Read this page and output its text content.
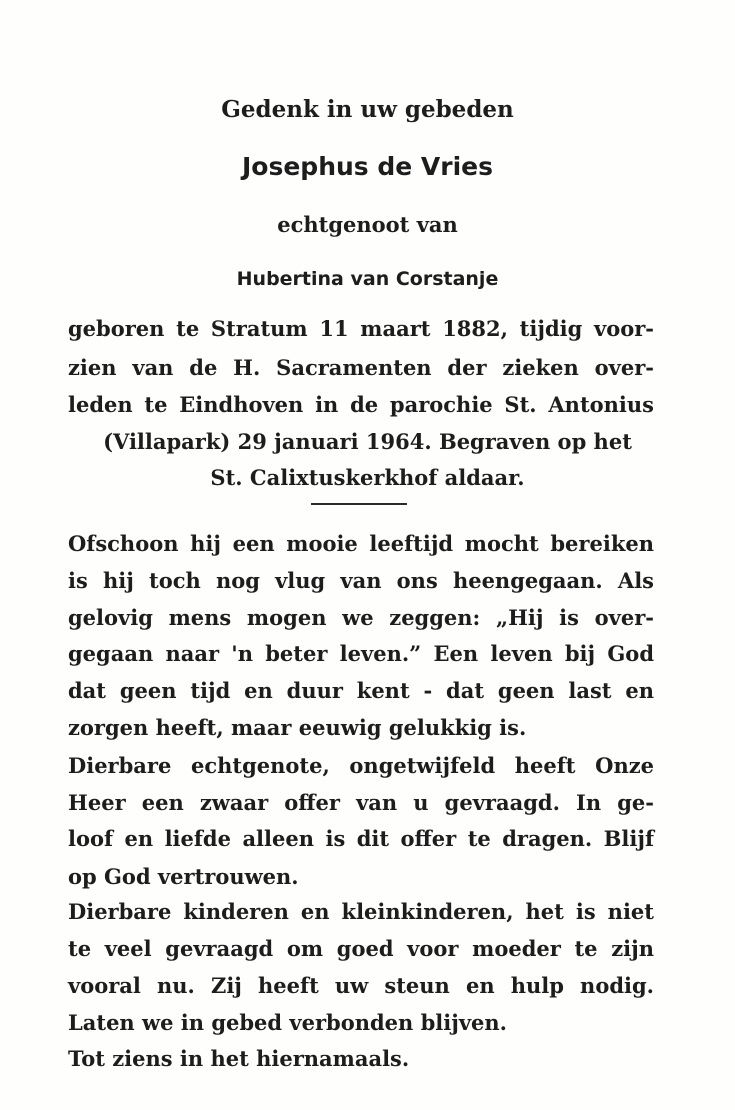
Gedenk in uw gebeden
Josephus de Vries
echtgenoot van
Hubertina van Corstanje
geboren te Stratum 11 maart 1882, tijdig voor-
zien van de H. Sacramenten der zieken over-
leden te Eindhoven in de parochie St. Antonius
(Villapark) 29 januari 1964. Begraven op het
St. Calixtuskerkhof aldaar.
Ofschoon hij een mooie leeftijd mocht bereiken
is hij toch nog vlug van ons heengegaan. Als
gelovig mens mogen we zeggen: „Hij is over-
gegaan naar 'n beter leven.” Een leven bij God
dat geen tijd en duur kent - dat geen last en
zorgen heeft, maar eeuwig gelukkig is.
Dierbare echtgenote, ongetwijfeld heeft Onze
Heer een zwaar offer van u gevraagd. In ge-
loof en liefde alleen is dit offer te dragen. Blijf
op God vertrouwen.
Dierbare kinderen en kleinkinderen, het is niet
te veel gevraagd om goed voor moeder te zijn
vooral nu. Zij heeft uw steun en hulp nodig.
Laten we in gebed verbonden blijven.
Tot ziens in het hiernamaals.
